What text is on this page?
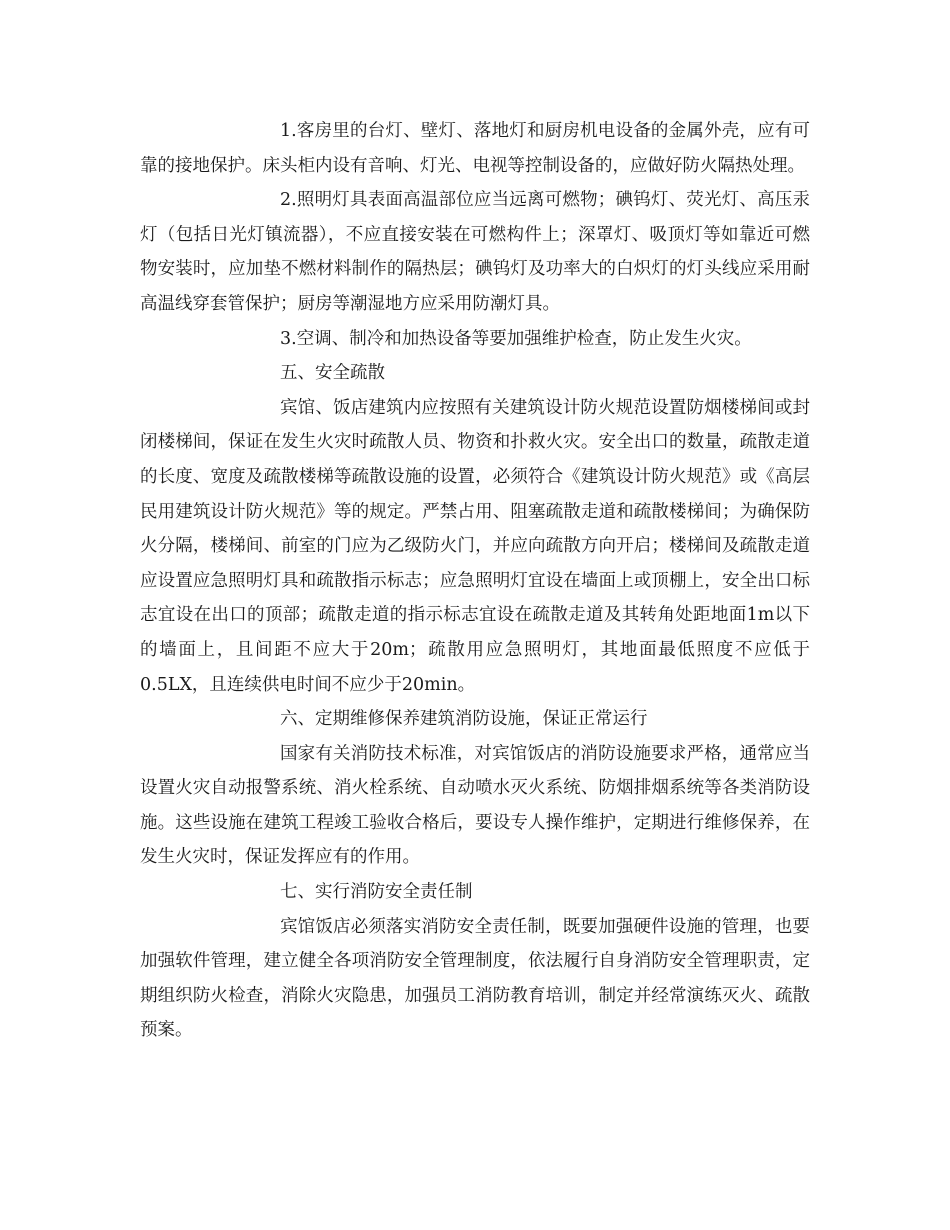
1.客房里的台灯、壁灯、落地灯和厨房机电设备的金属外壳，应有可靠的接地保护。床头柜内设有音响、灯光、电视等控制设备的，应做好防火隔热处理。

2.照明灯具表面高温部位应当远离可燃物；碘钨灯、荧光灯、高压汞灯（包括日光灯镇流器），不应直接安装在可燃构件上；深罩灯、吸顶灯等如靠近可燃 物安装时，应加垫不燃材料制作的隔热层；碘钨灯及功率大的白炽灯的灯头线应采用耐高温线穿套管保护；厨房等潮湿地方应采用防潮灯具。

3.空调、制冷和加热设备等要加强维护检查，防止发生火灾。

五、安全疏散

宾馆、饭店建筑内应按照有关建筑设计防火规范设置防烟楼梯间或封闭楼梯间，保证在发生火灾时疏散人员、物资和扑救火灾。安全出口的数量，疏散走道的长度、宽度及疏散楼梯等疏散设施的设置，必须符合《建筑设计防火规范》或《高层民用建筑设计防火规范》等的规定。严禁占用、阻塞疏散走道和疏散楼梯间；为确保防火分隔，楼梯间、前室的门应为乙级防火门，并应向疏散方向开启；楼梯间及疏散走道应设置应急照明灯具和疏散指示标志；应急照明灯宜设在墙面上或顶棚上，安全出口标志宜设在出口的顶部；疏散走道的指示标志宜设在疏散走道及其转角处距地面1m以下的墙面上，且间距不应大于20m；疏散用应急照明灯，其地面最低照度不应低于0.5LX，且连续供电时间不应少于20min。

六、定期维修保养建筑消防设施，保证正常运行

国家有关消防技术标准，对宾馆饭店的消防设施要求严格，通常应当设置火灾自动报警系统、消火栓系统、自动喷水灭火系统、防烟排烟系统等各类消防设施。这些设施在建筑工程竣工验收合格后，要设专人操作维护，定期进行维修保养，在发生火灾时，保证发挥应有的作用。

七、实行消防安全责任制

宾馆饭店必须落实消防安全责任制，既要加强硬件设施的管理，也要加强软件管理，建立健全各项消防安全管理制度，依法履行自身消防安全管理职责，定期组织防火检查，消除火灾隐患，加强员工消防教育培训，制定并经常演练灭火、疏散预案。
